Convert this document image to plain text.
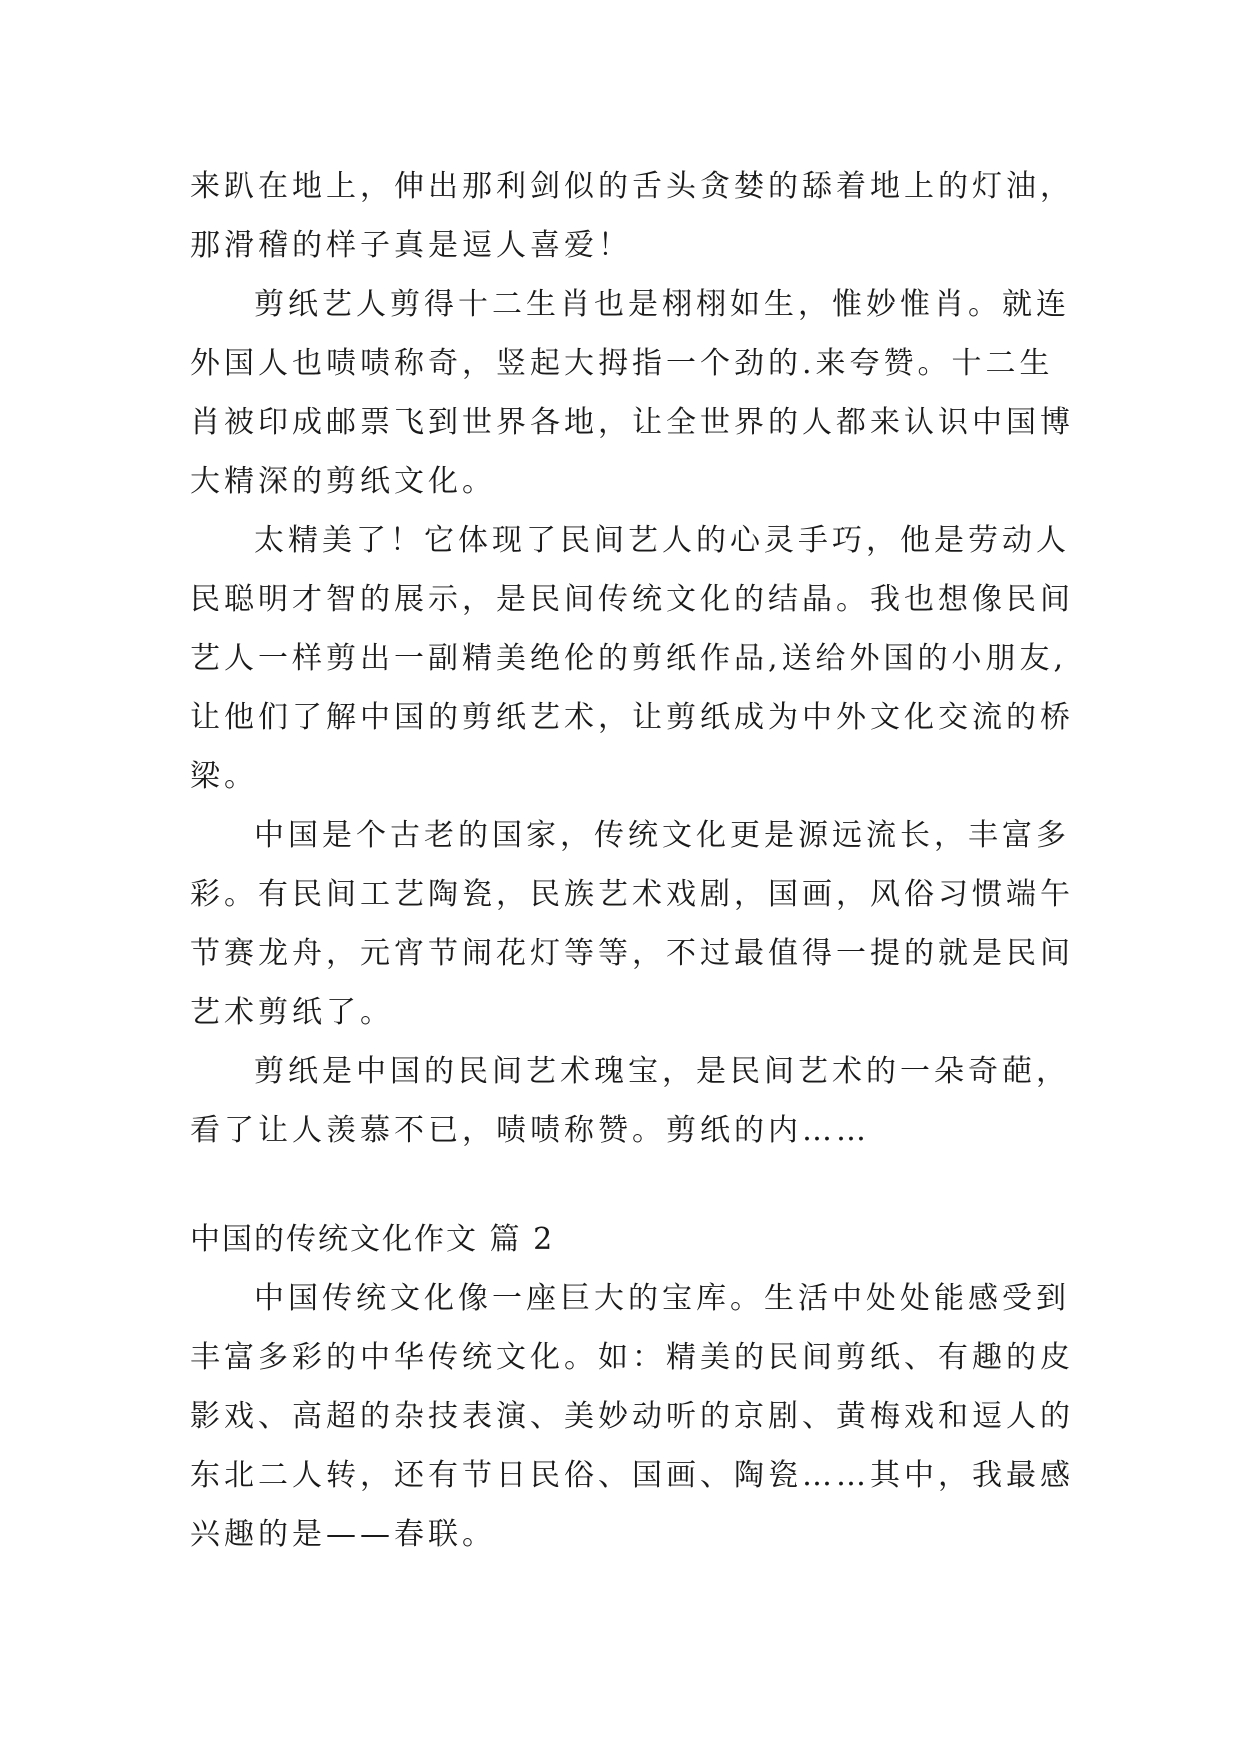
来趴在地上，伸出那利剑似的舌头贪婪的舔着地上的灯油，
那滑稽的样子真是逗人喜爱！
剪纸艺人剪得十二生肖也是栩栩如生，惟妙惟肖。就连
外国人也啧啧称奇，竖起大拇指一个劲的.来夸赞。十二生
肖被印成邮票飞到世界各地，让全世界的人都来认识中国博
大精深的剪纸文化。
太精美了！它体现了民间艺人的心灵手巧，他是劳动人
民聪明才智的展示，是民间传统文化的结晶。我也想像民间
艺人一样剪出一副精美绝伦的剪纸作品,送给外国的小朋友,
让他们了解中国的剪纸艺术，让剪纸成为中外文化交流的桥
梁。
中国是个古老的国家，传统文化更是源远流长，丰富多
彩。有民间工艺陶瓷，民族艺术戏剧，国画，风俗习惯端午
节赛龙舟，元宵节闹花灯等等，不过最值得一提的就是民间
艺术剪纸了。
剪纸是中国的民间艺术瑰宝，是民间艺术的一朵奇葩，
看了让人羡慕不已，啧啧称赞。剪纸的内……
中国的传统文化作文 篇 2
中国传统文化像一座巨大的宝库。生活中处处能感受到
丰富多彩的中华传统文化。如：精美的民间剪纸、有趣的皮
影戏、高超的杂技表演、美妙动听的京剧、黄梅戏和逗人的
东北二人转，还有节日民俗、国画、陶瓷……其中，我最感
兴趣的是——春联。
